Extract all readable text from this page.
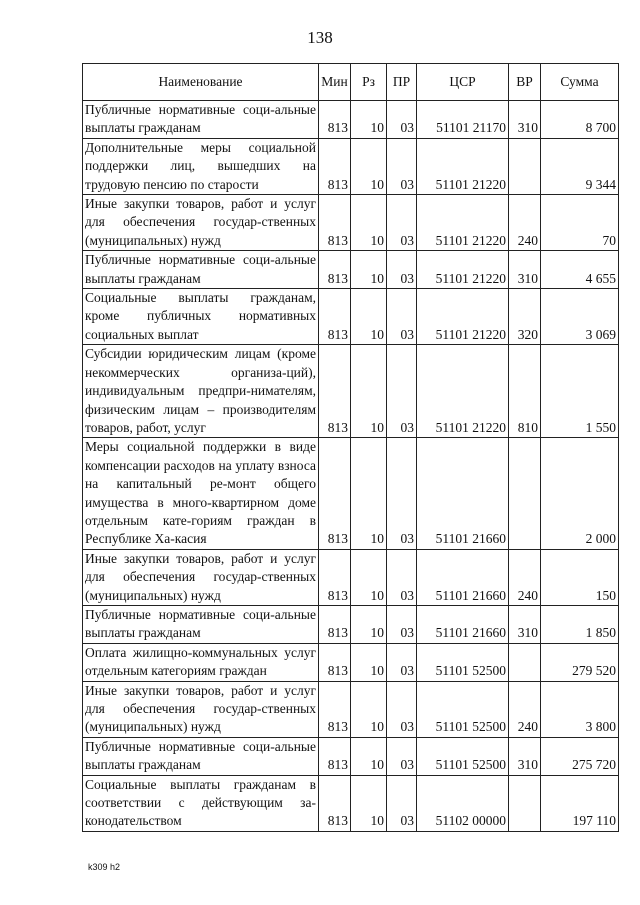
138
Наименование	Мин	Рз	ПР	ЦСР	ВР	Сумма
Публичные нормативные соци-альные выплаты гражданам	813	10	03	51101 21170	310	8 700
Дополнительные меры социальной поддержки лиц, вышедших на трудовую пенсию по старости	813	10	03	51101 21220		9 344
Иные закупки товаров, работ и услуг для обеспечения государ-ственных (муниципальных) нужд	813	10	03	51101 21220	240	70
Публичные нормативные соци-альные выплаты гражданам	813	10	03	51101 21220	310	4 655
Социальные выплаты гражданам, кроме публичных нормативных социальных выплат	813	10	03	51101 21220	320	3 069
Субсидии юридическим лицам (кроме некоммерческих организа-ций), индивидуальным предпри-нимателям, физическим лицам – производителям товаров, работ, услуг	813	10	03	51101 21220	810	1 550
Меры социальной поддержки в виде компенсации расходов на уплату взноса на капитальный ре-монт общего имущества в много-квартирном доме отдельным кате-гориям граждан в Республике Ха-касия	813	10	03	51101 21660		2 000
Иные закупки товаров, работ и услуг для обеспечения государ-ственных (муниципальных) нужд	813	10	03	51101 21660	240	150
Публичные нормативные соци-альные выплаты гражданам	813	10	03	51101 21660	310	1 850
Оплата жилищно-коммунальных услуг отдельным категориям граждан	813	10	03	51101 52500		279 520
Иные закупки товаров, работ и услуг для обеспечения государ-ственных (муниципальных) нужд	813	10	03	51101 52500	240	3 800
Публичные нормативные соци-альные выплаты гражданам	813	10	03	51101 52500	310	275 720
Социальные выплаты гражданам в соответствии с действующим за-конодательством	813	10	03	51102 00000		197 110
k309 h2
